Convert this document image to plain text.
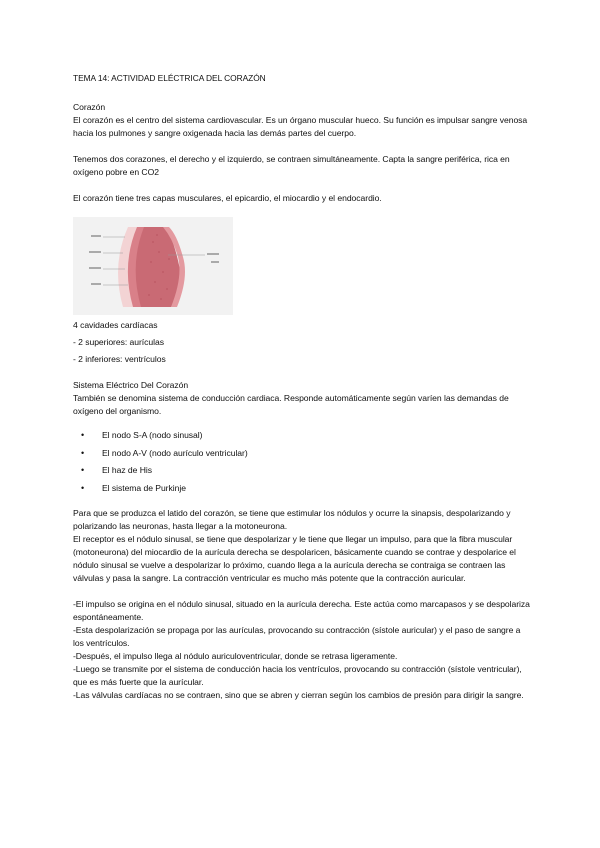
TEMA 14: ACTIVIDAD ELÉCTRICA DEL CORAZÓN

Corazón

El corazón es el centro del sistema cardiovascular. Es un órgano muscular hueco. Su función es impulsar sangre venosa hacia los pulmones y sangre oxigenada hacia las demás partes del cuerpo.

Tenemos dos corazones, el derecho y el izquierdo, se contraen simultáneamente. Capta la sangre periférica, rica en oxígeno pobre en CO2

El corazón tiene tres capas musculares, el epicardio, el miocardio y el endocardio.

4 cavidades cardíacas

- 2 superiores: aurículas

- 2 inferiores: ventrículos

Sistema Eléctrico Del Corazón

También se denomina sistema de conducción cardiaca. Responde automáticamente según varíen las demandas de oxígeno del organismo.

• El nodo S-A (nodo sinusal)
• El nodo A-V (nodo aurículo ventricular)
• El haz de His
• El sistema de Purkinje

Para que se produzca el latido del corazón, se tiene que estimular los nódulos y ocurre la sinapsis, despolarizando y polarizando las neuronas, hasta llegar a la motoneurona.

El receptor es el nódulo sinusal, se tiene que despolarizar y le tiene que llegar un impulso, para que la fibra muscular (motoneurona) del miocardio de la aurícula derecha se despolaricen, básicamente cuando se contrae y despolarice el nódulo sinusal se vuelve a despolarizar lo próximo, cuando llega a la aurícula derecha se contraiga se contraen las válvulas y pasa la sangre. La contracción ventricular es mucho más potente que la contracción auricular.

-El impulso se origina en el nódulo sinusal, situado en la aurícula derecha. Este actúa como marcapasos y se despolariza espontáneamente.

-Esta despolarización se propaga por las aurículas, provocando su contracción (sístole auricular) y el paso de sangre a los ventrículos.

-Después, el impulso llega al nódulo auriculoventricular, donde se retrasa ligeramente.

-Luego se transmite por el sistema de conducción hacia los ventrículos, provocando su contracción (sístole ventricular), que es más fuerte que la aurícular.

-Las válvulas cardíacas no se contraen, sino que se abren y cierran según los cambios de presión para dirigir la sangre.
